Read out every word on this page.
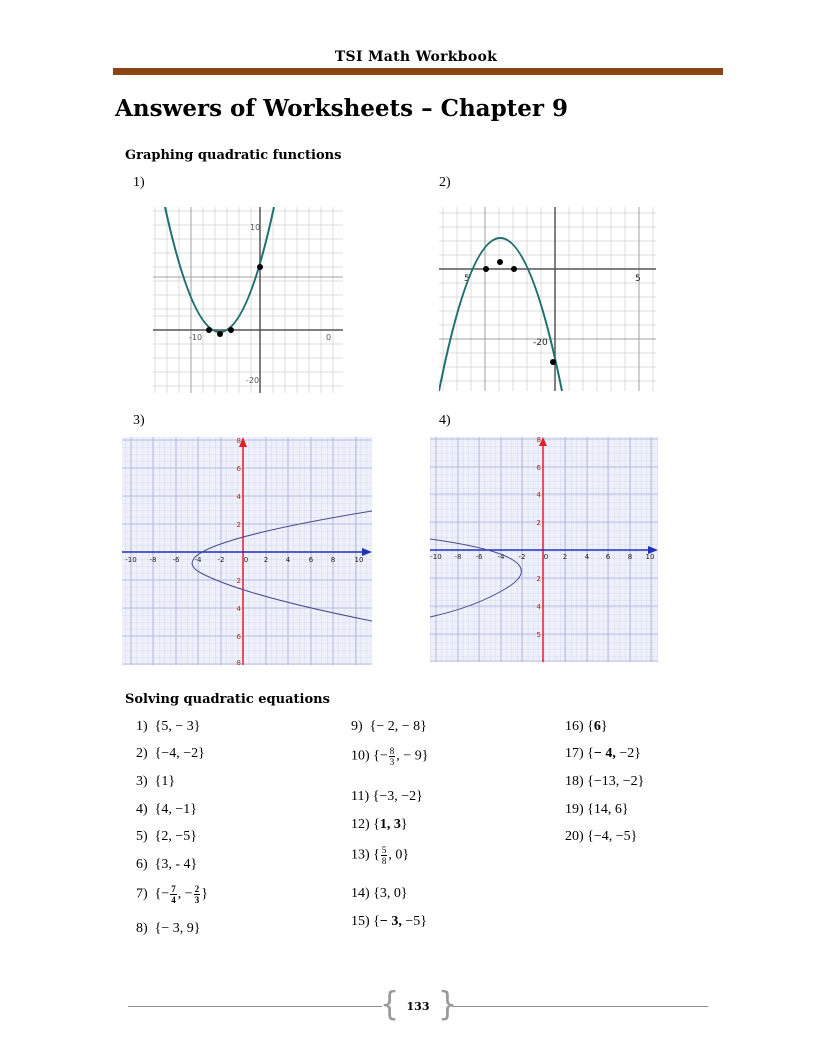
TSI Math Workbook
Answers of Worksheets – Chapter 9
Graphing quadratic functions
1)	2)
3)	4)
10
-10	0
-20
5	5
-20
-10 -8 -6 -4 -2	0 2	4	6	8	10
8
6
4
2
2
4
6
8
-10 -8 -6 -4 -2	0 2	4 6	8 10
8
6
4
2
2
4
5
Solving quadratic equations
1) {5, − 3}
2) {−4, −2}
3) {1}
4) {4, −1}
5) {2, −5}
6) {3, - 4}
7) {− $\frac{7}{4}$ , − $\frac{2}{3}$ }
8) {− 3, 9}
9) {− 2, − 8}
10) {− $\frac{8}{3}$ , − 9}
11) {−3, −2}
12) {1, 3}
13) { $\frac{5}{8}$ , 0}
14) {3, 0}
15) {− 3, −5}
16) {6}
17) {− 4, −2}
18) {−13, −2}
19) {14, 6}
20) {−4, −5}
{ }
133
